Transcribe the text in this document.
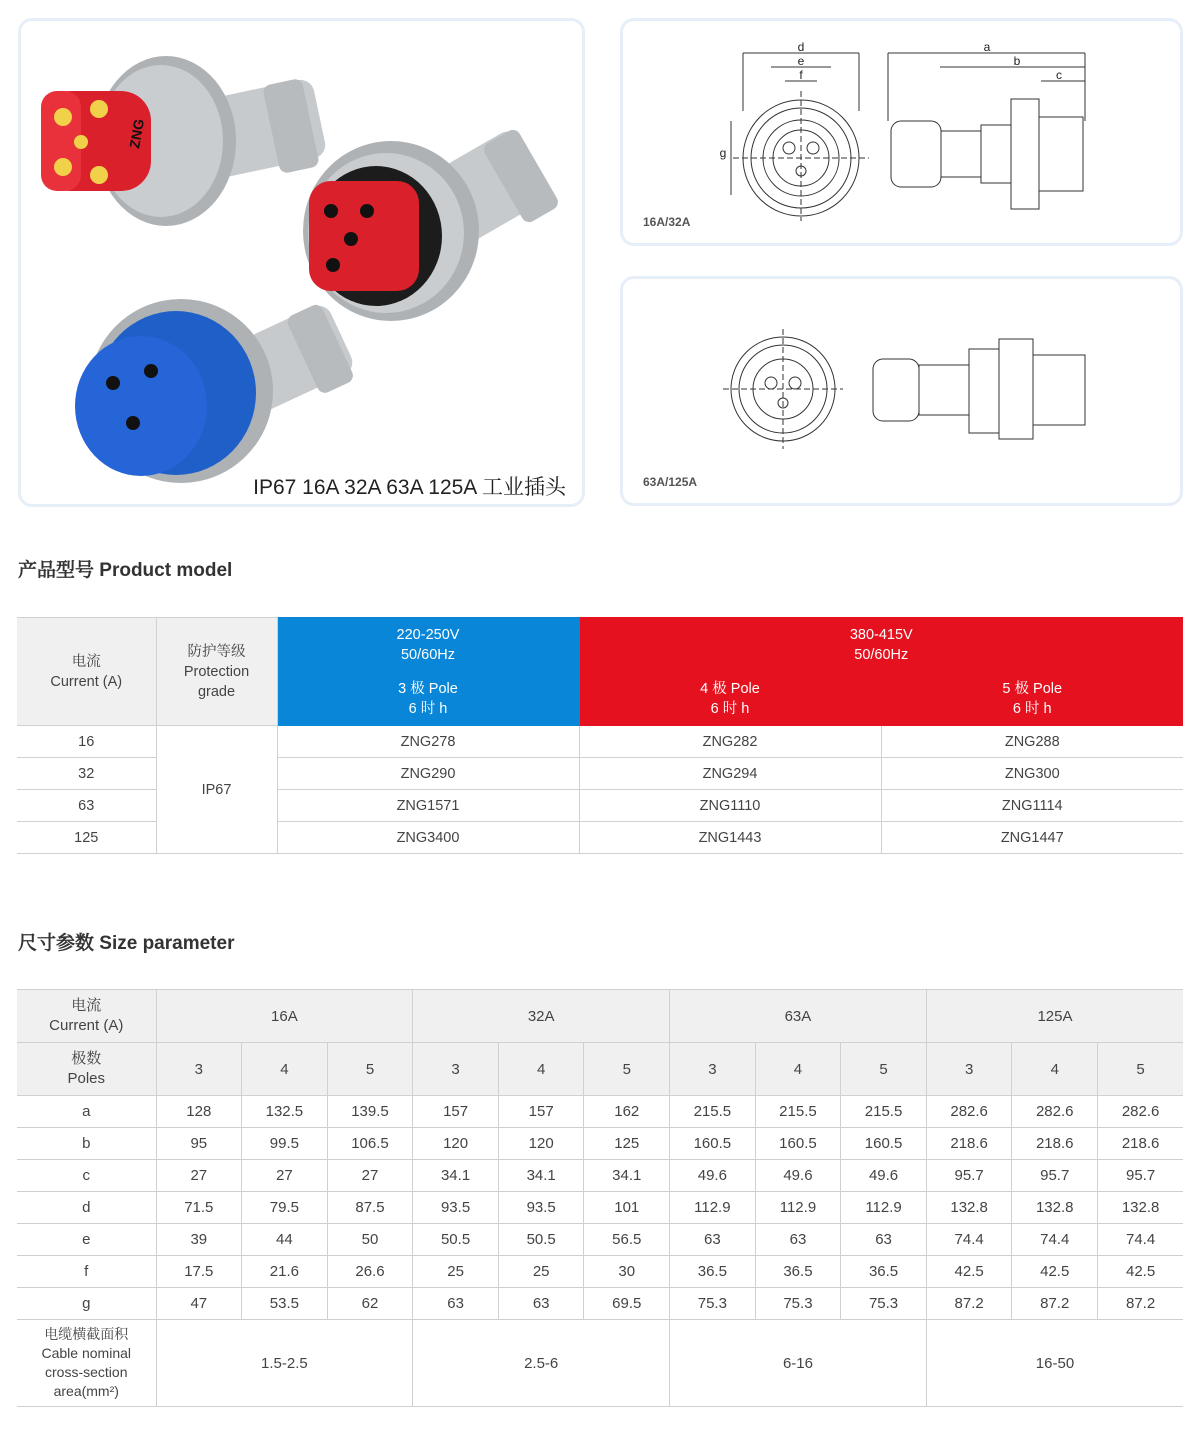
ZNG
IP67 16A 32A 63A 125A 工业插头
d
e
f
g
a
b
c
16A/32A
63A/125A
产品型号 Product model
电流
Current (A)	防护等级
Protection
grade	220-250V
50/60Hz	380-415V
50/60Hz	

		3 极 Pole
6 时 h	4 极 Pole
6 时 h	5 极 Pole
6 时 h

16	IP67	ZNG278	ZNG282	ZNG288
32		ZNG290	ZNG294	ZNG300
63		ZNG1571	ZNG1110	ZNG1114
125		ZNG3400	ZNG1443	ZNG1447
尺寸参数 Size parameter
电流
Current (A)	16A			32A			63A			125A		

极数
Poles	3	4	5	3	4	5	3	4	5	3	4	5
a	128	132.5	139.5	157	157	162	215.5	215.5	215.5	282.6	282.6	282.6
b	95	99.5	106.5	120	120	125	160.5	160.5	160.5	218.6	218.6	218.6
c	27	27	27	34.1	34.1	34.1	49.6	49.6	49.6	95.7	95.7	95.7
d	71.5	79.5	87.5	93.5	93.5	101	112.9	112.9	112.9	132.8	132.8	132.8
e	39	44	50	50.5	50.5	56.5	63	63	63	74.4	74.4	74.4
f	17.5	21.6	26.6	25	25	30	36.5	36.5	36.5	42.5	42.5	42.5
g	47	53.5	62	63	63	69.5	75.3	75.3	75.3	87.2	87.2	87.2

电缆横截面积
Cable nominal
cross-section
area(mm²)	1.5-2.5			2.5-6			6-16			16-50		
